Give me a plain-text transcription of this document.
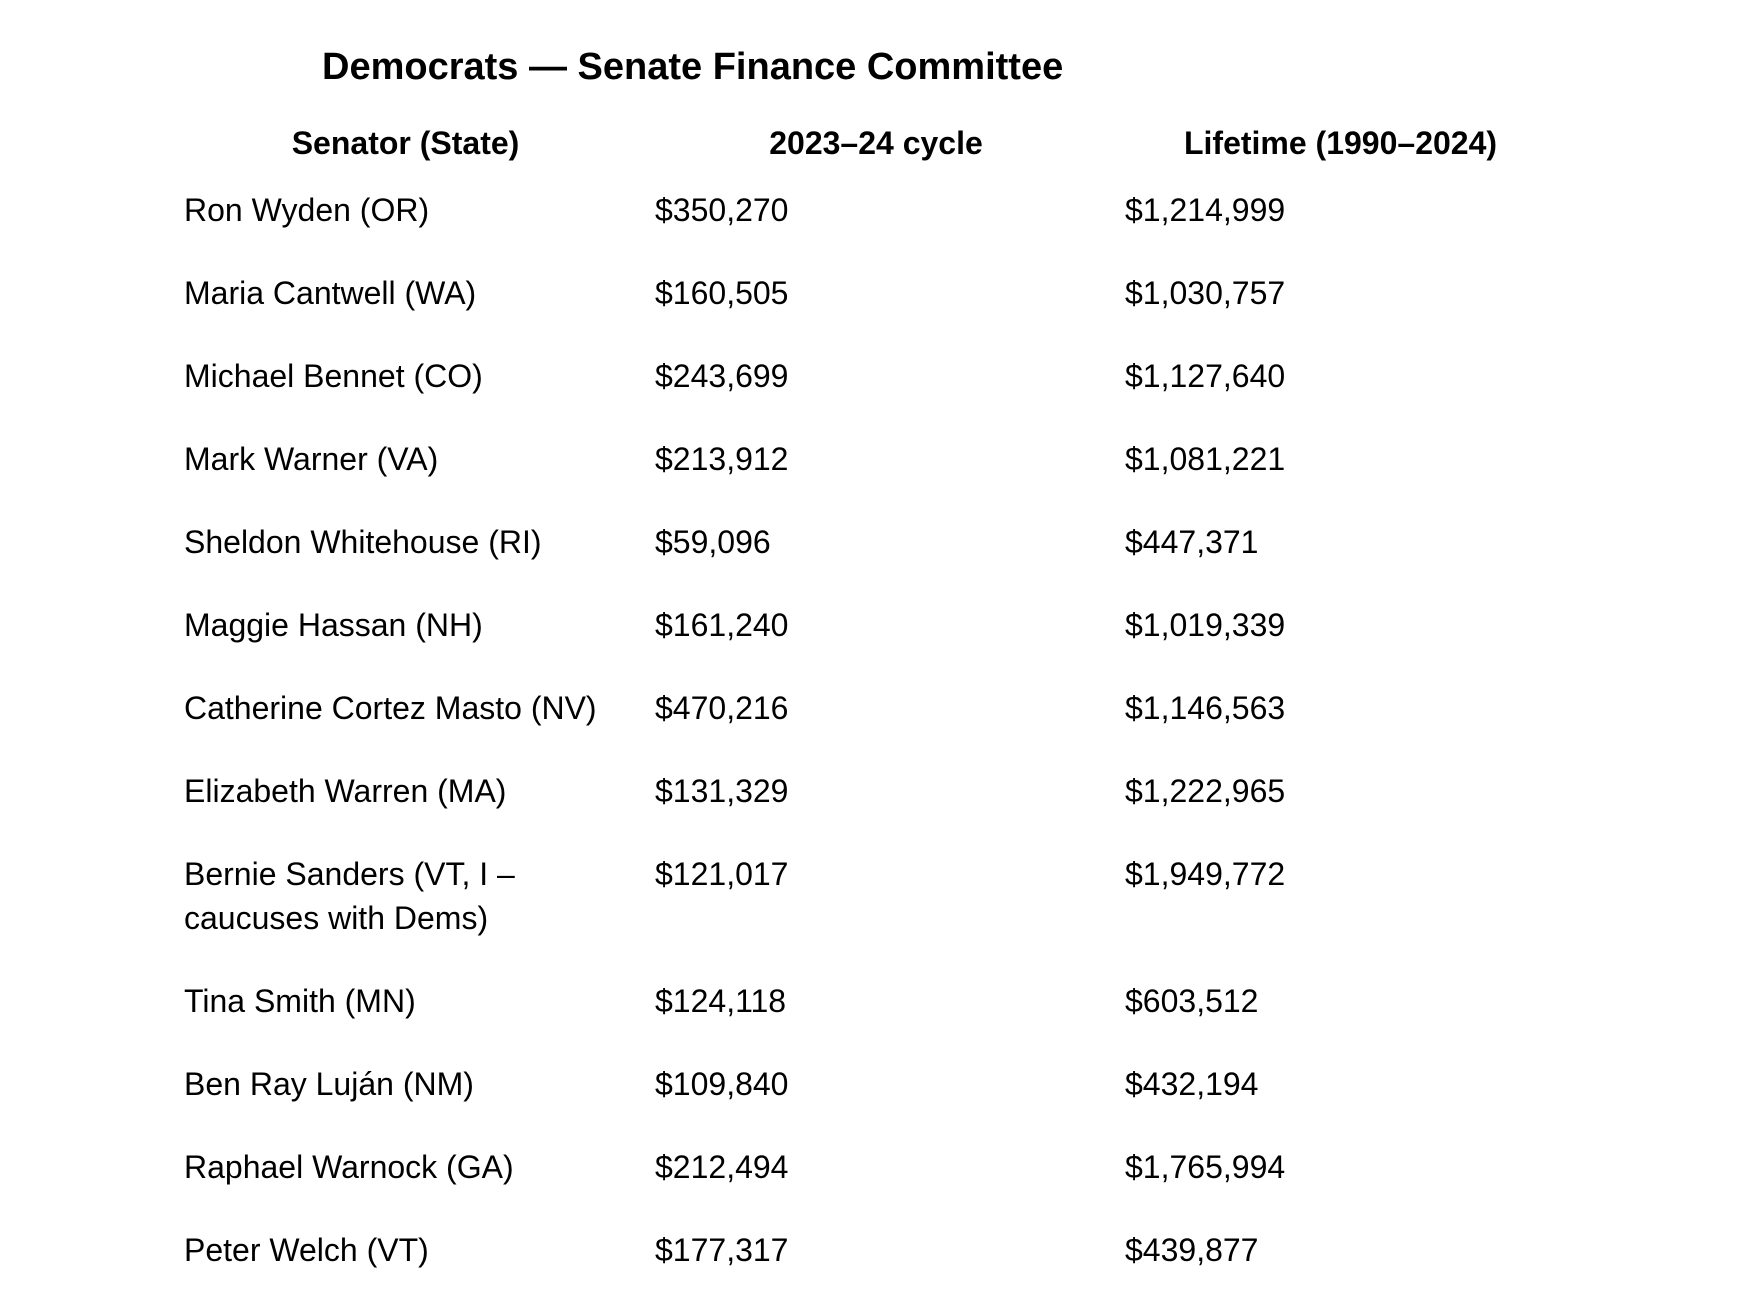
Democrats — Senate Finance Committee
Senator (State)	2023–24 cycle	Lifetime (1990–2024)
Ron Wyden (OR)	$350,270	$1,214,999
Maria Cantwell (WA)	$160,505	$1,030,757
Michael Bennet (CO)	$243,699	$1,127,640
Mark Warner (VA)	$213,912	$1,081,221
Sheldon Whitehouse (RI)	$59,096	$447,371
Maggie Hassan (NH)	$161,240	$1,019,339
Catherine Cortez Masto (NV)	$470,216	$1,146,563
Elizabeth Warren (MA)	$131,329	$1,222,965
Bernie Sanders (VT, I – caucuses with Dems)	$121,017	$1,949,772
Tina Smith (MN)	$124,118	$603,512
Ben Ray Luján (NM)	$109,840	$432,194
Raphael Warnock (GA)	$212,494	$1,765,994
Peter Welch (VT)	$177,317	$439,877
